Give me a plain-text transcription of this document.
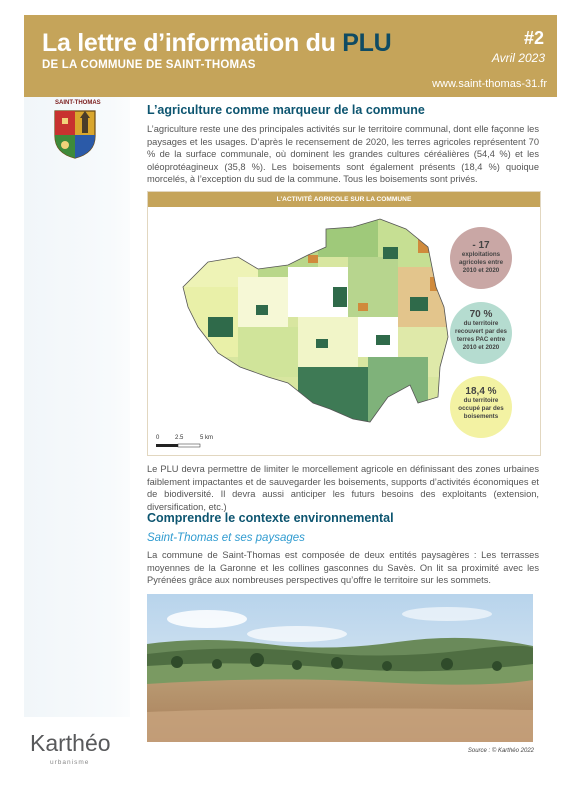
La lettre d’information du PLU
DE LA COMMUNE DE SAINT-THOMAS
#2
Avril 2023
www.saint-thomas-31.fr
SAINT-THOMAS	L’agriculture comme marqueur de la commune

L’agriculture reste une des principales activités sur le territoire communal, dont elle façonne les paysages et les usages. D’après le recensement de 2020, les terres agricoles représentent 70 % de la surface communale, où dominent les grandes cultures céréalières (54,4 %) et les oléoprotéagineux (35,8 %). Les boisements sont également présents (18,4 %) quoique morcelés, à l’exception du sud de la commune. Tous les boisements sont privés.

L’ACTIVITÉ AGRICOLE SUR LA COMMUNE
0	2.5	5 km
- 17
exploitations agricoles entre 2010 et 2020
70 %
du territoire recouvert par des terres PAC entre 2010 et 2020
18,4 %
du territoire occupé par des boisements

Le PLU devra permettre de limiter le morcellement agricole en définissant des zones urbaines faiblement impactantes et de sauvegarder les boisements, supports d’activités économiques et de biodiversité. Il devra aussi anticiper les futurs besoins des exploitants (extension, diversification, etc.)

Comprendre le contexte environnemental
Saint-Thomas et ses paysages

La commune de Saint-Thomas est composée de deux entités paysagères : Les terrasses moyennes de la Garonne et les collines gasconnes du Savès. On lit sa proximité avec les Pyrénées grâce aux nombreuses perspectives qu’offre le territoire sur les sommets.

Source : © Karthéo 2022
Karthéo
urbanisme
